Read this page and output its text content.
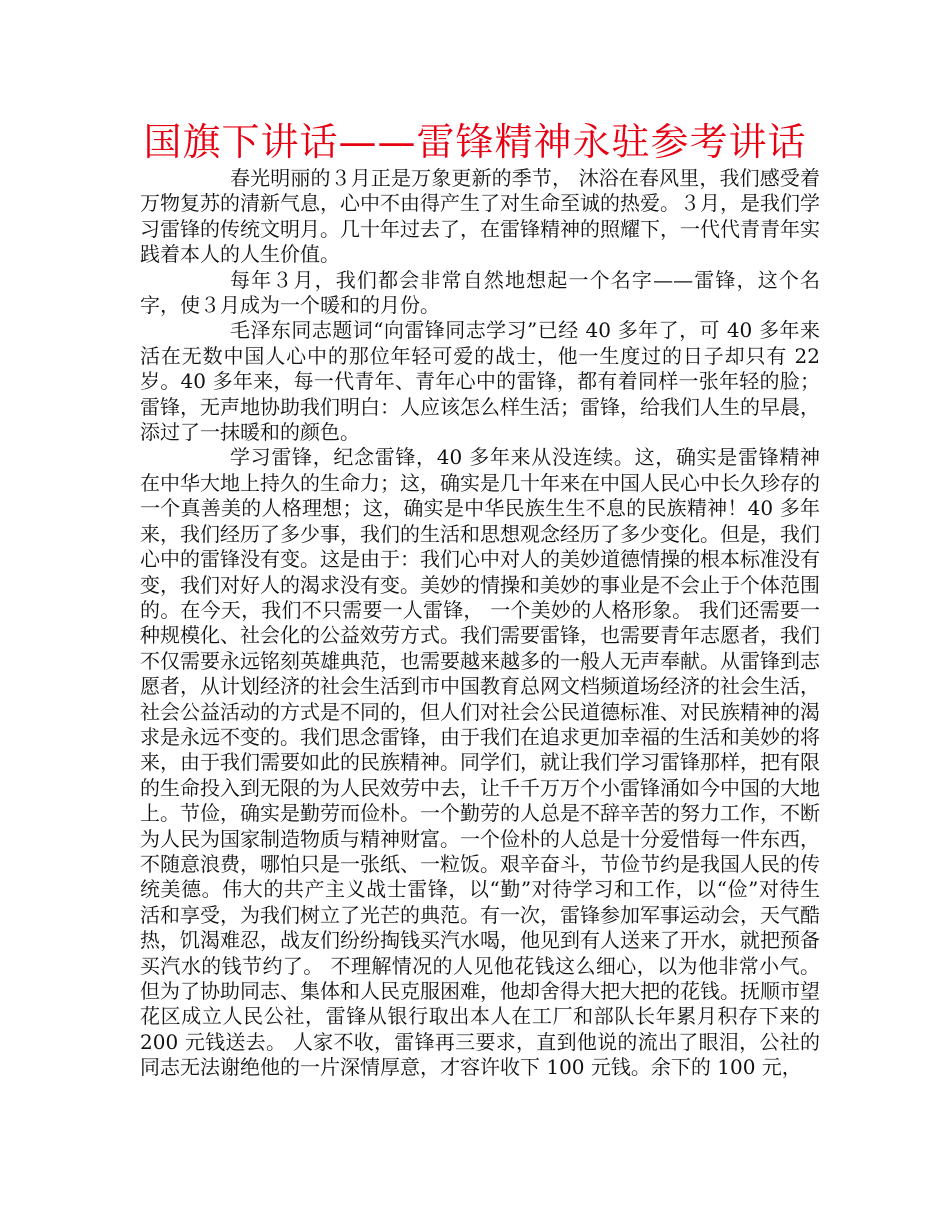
国旗下讲话——雷锋精神永驻参考讲话

春光明丽的３月正是万象更新的季节， 沐浴在春风里，我们感受着万物复苏的清新气息，心中不由得产生了对生命至诚的热爱。３月，是我们学习雷锋的传统文明月。几十年过去了，在雷锋精神的照耀下，一代代青青年实践着本人的人生价值。

每年３月，我们都会非常自然地想起一个名字——雷锋，这个名字，使３月成为一个暖和的月份。

毛泽东同志题词“向雷锋同志学习”已经 40 多年了，可 40 多年来活在无数中国人心中的那位年轻可爱的战士，他一生度过的日子却只有 22 岁。40 多年来，每一代青年、青年心中的雷锋，都有着同样一张年轻的脸；雷锋，无声地协助我们明白：人应该怎么样生活；雷锋，给我们人生的早晨，添过了一抹暖和的颜色。

学习雷锋，纪念雷锋，40 多年来从没连续。这，确实是雷锋精神在中华大地上持久的生命力；这，确实是几十年来在中国人民心中长久珍存的一个真善美的人格理想；这，确实是中华民族生生不息的民族精神！40 多年来，我们经历了多少事，我们的生活和思想观念经历了多少变化。但是，我们心中的雷锋没有变。这是由于：我们心中对人的美妙道德情操的根本标准没有变，我们对好人的渴求没有变。美妙的情操和美妙的事业是不会止于个体范围的。在今天，我们不只需要一人雷锋， 一个美妙的人格形象。 我们还需要一种规模化、社会化的公益效劳方式。我们需要雷锋，也需要青年志愿者，我们不仅需要永远铭刻英雄典范，也需要越来越多的一般人无声奉献。从雷锋到志愿者，从计划经济的社会生活到市中国教育总网文档频道场经济的社会生活，社会公益活动的方式是不同的，但人们对社会公民道德标准、对民族精神的渴求是永远不变的。我们思念雷锋，由于我们在追求更加幸福的生活和美妙的将来，由于我们需要如此的民族精神。同学们，就让我们学习雷锋那样，把有限的生命投入到无限的为人民效劳中去，让千千万万个小雷锋涌如今中国的大地上。节俭，确实是勤劳而俭朴。一个勤劳的人总是不辞辛苦的努力工作，不断为人民为国家制造物质与精神财富。一个俭朴的人总是十分爱惜每一件东西，不随意浪费，哪怕只是一张纸、一粒饭。艰辛奋斗，节俭节约是我国人民的传统美德。伟大的共产主义战士雷锋，以“勤”对待学习和工作，以“俭”对待生活和享受，为我们树立了光芒的典范。有一次，雷锋参加军事运动会，天气酷热，饥渴难忍，战友们纷纷掏钱买汽水喝，他见到有人送来了开水，就把预备买汽水的钱节约了。 不理解情况的人见他花钱这么细心，以为他非常小气。 但为了协助同志、集体和人民克服困难，他却舍得大把大把的花钱。抚顺市望花区成立人民公社，雷锋从银行取出本人在工厂和部队长年累月积存下来的 200 元钱送去。 人家不收，雷锋再三要求，直到他说的流出了眼泪，公社的同志无法谢绝他的一片深情厚意，才容许收下 100 元钱。余下的 100 元，
